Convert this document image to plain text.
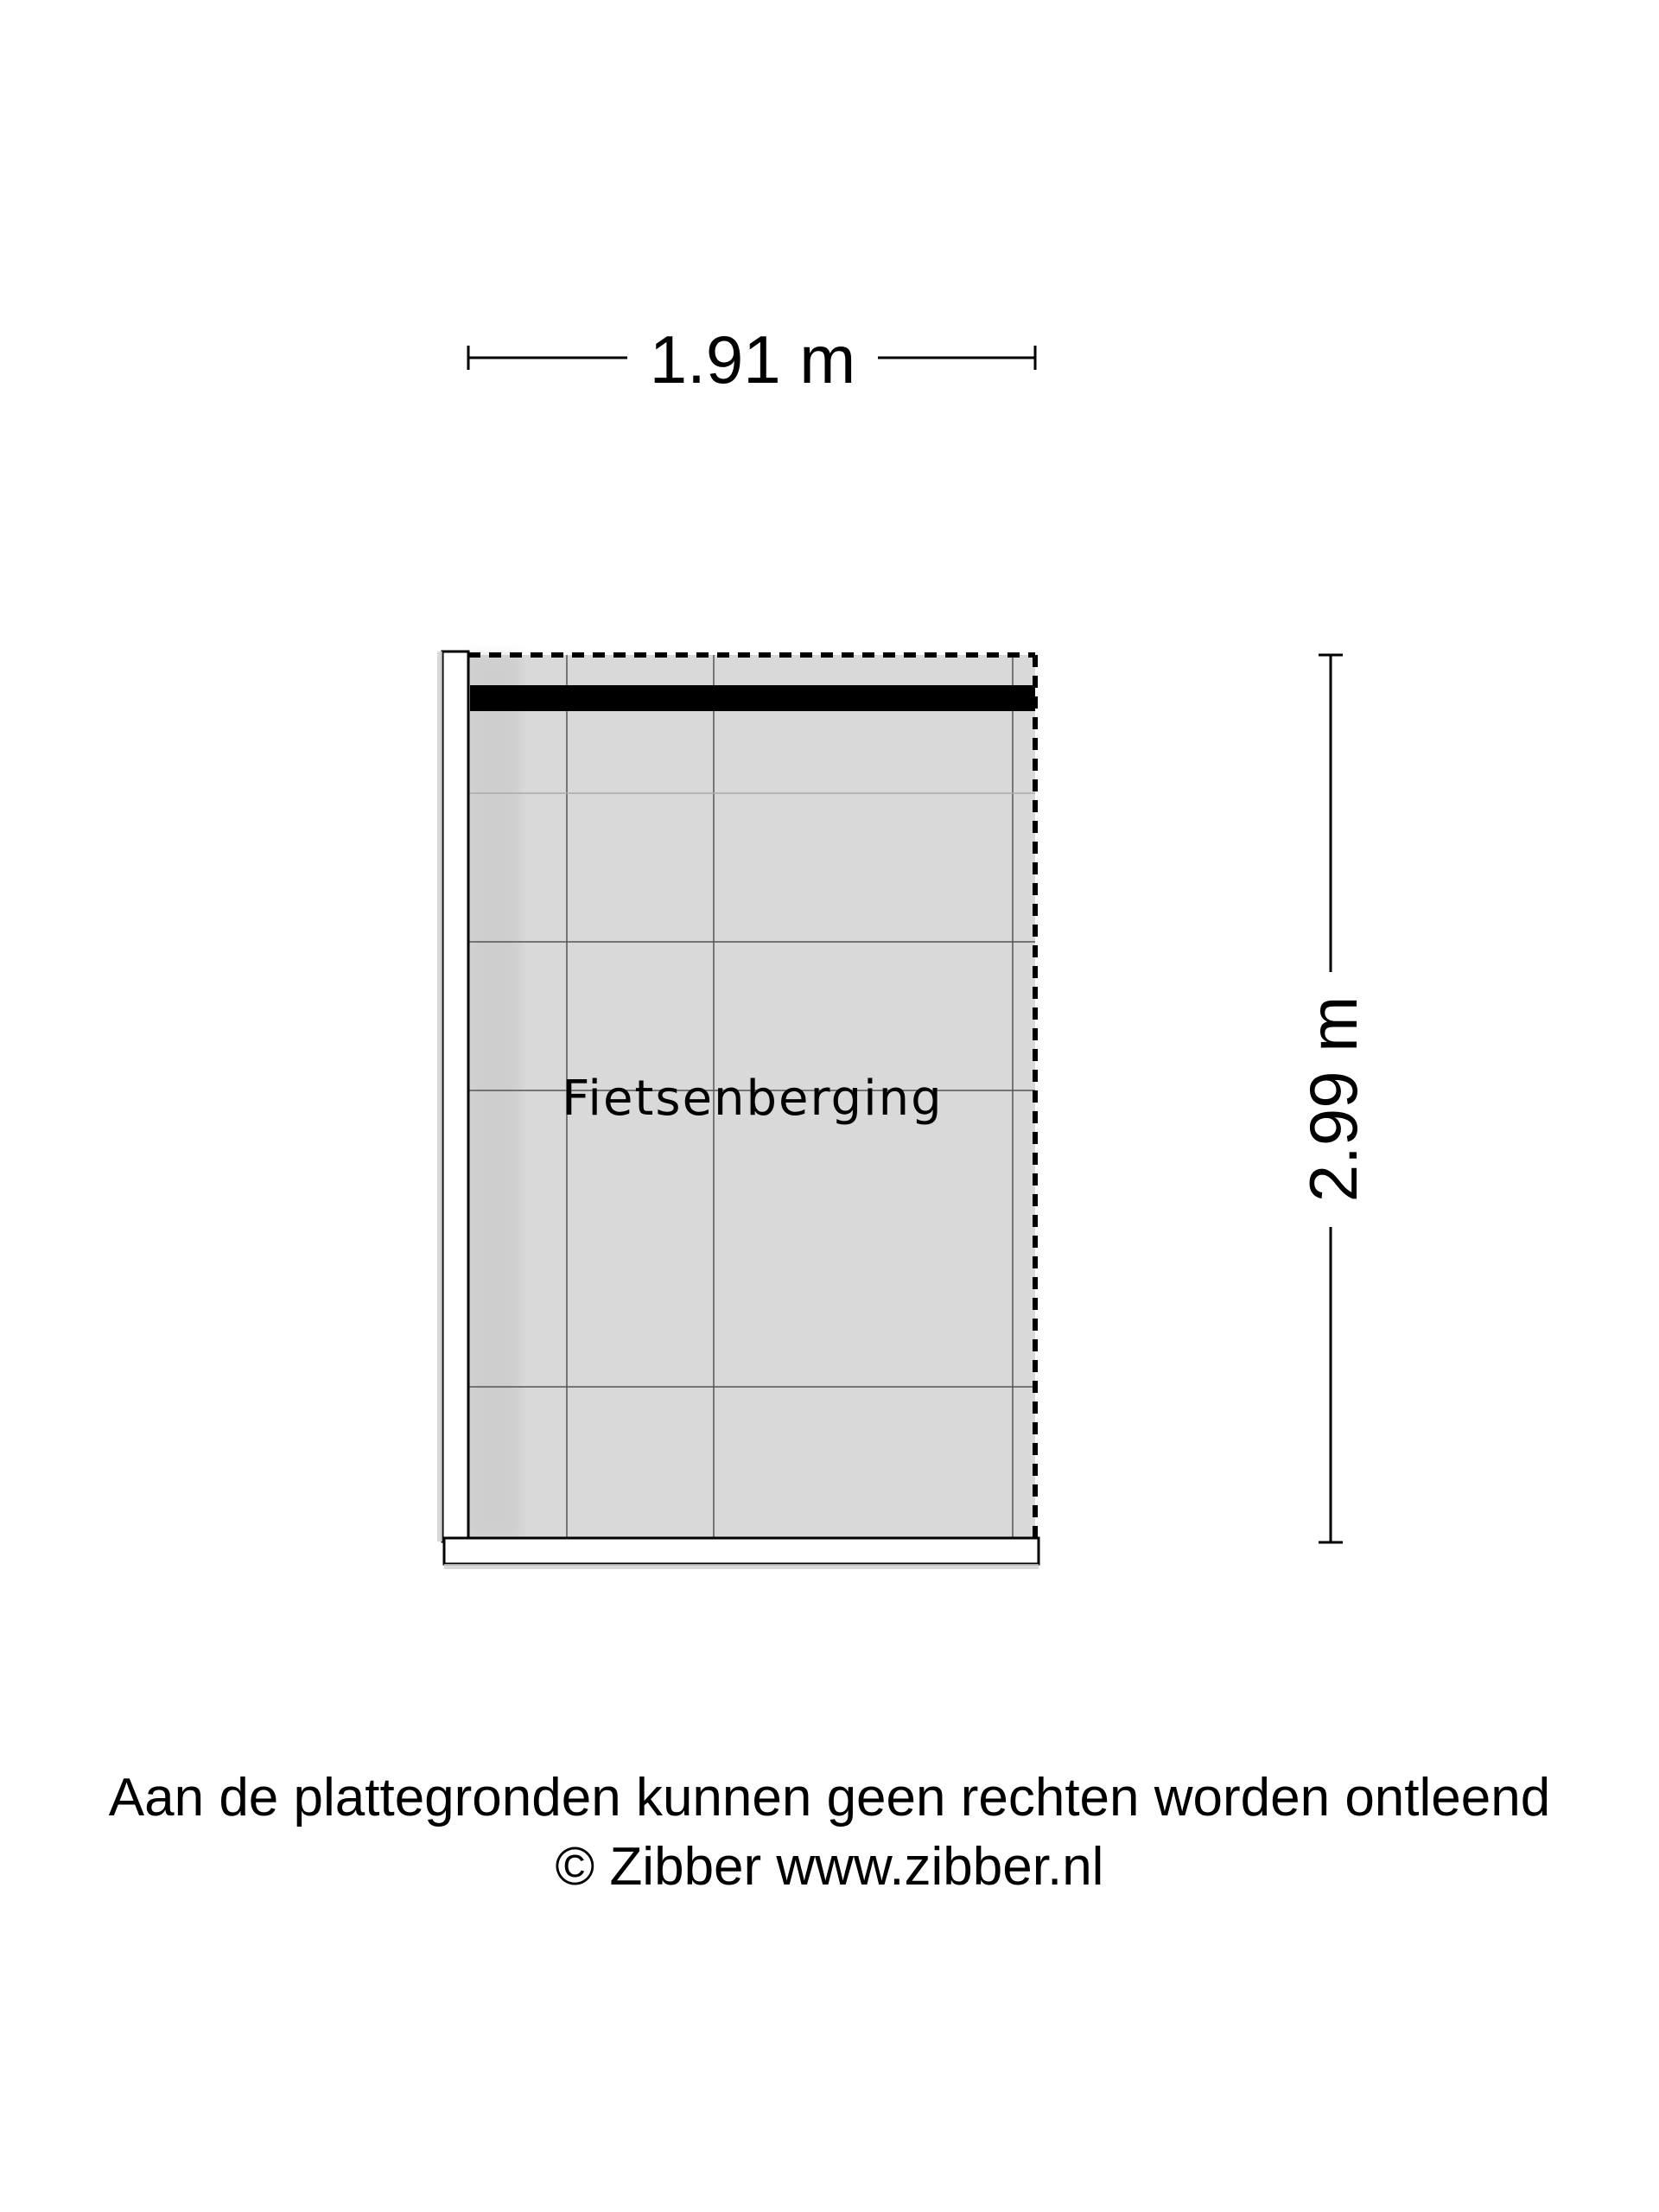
1.91 m
2.99 m
Fietsenberging
Aan de plattegronden kunnen geen rechten worden ontleend
© Zibber www.zibber.nl
